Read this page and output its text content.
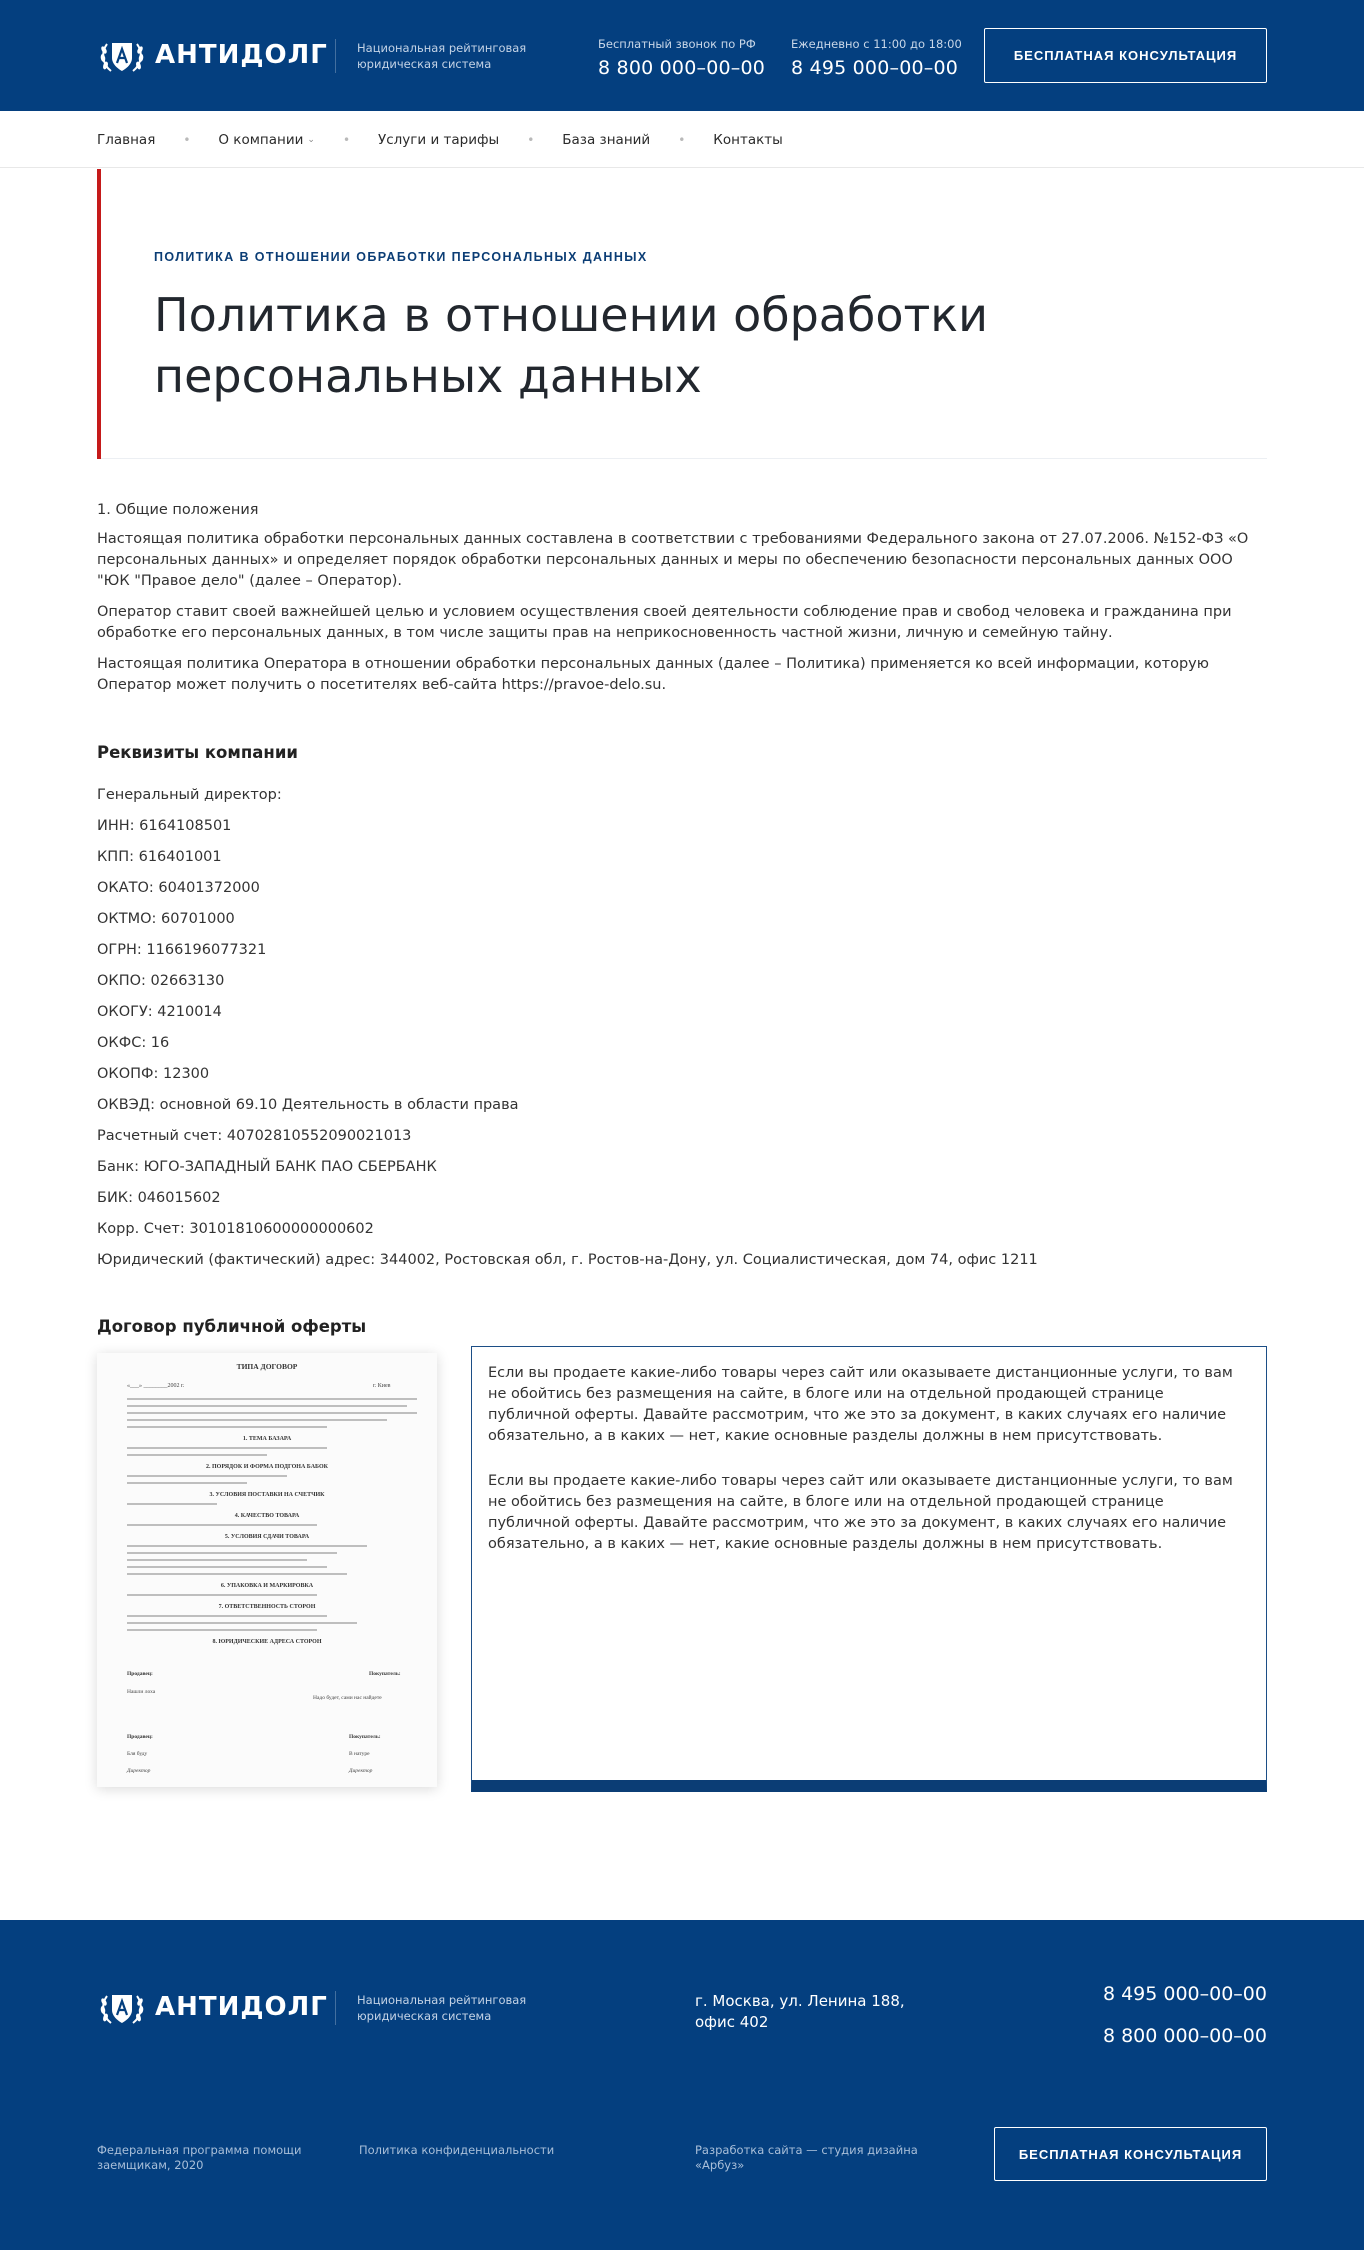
АНТИДОЛГ	Национальная рейтинговая юридическая система
Бесплатный звонок по РФ
8 800 000–00–00
Ежедневно с 11:00 до 18:00
8 495 000–00–00
БЕСПЛАТНАЯ КОНСУЛЬТАЦИЯ
Главная • О компании ⌄ • Услуги и тарифы • База знаний • Контакты
ПОЛИТИКА В ОТНОШЕНИИ ОБРАБОТКИ ПЕРСОНАЛЬНЫХ ДАННЫХ
Политика в отношении обработки
персональных данных

1. Общие положения

Настоящая политика обработки персональных данных составлена в соответствии с требованиями Федерального закона от 27.07.2006. №152-ФЗ «О персональных данных» и определяет порядок обработки персональных данных и меры по обеспечению безопасности персональных данных ООО "ЮК "Правое дело" (далее – Оператор).

Оператор ставит своей важнейшей целью и условием осуществления своей деятельности соблюдение прав и свобод человека и гражданина при обработке его персональных данных, в том числе защиты прав на неприкосновенность частной жизни, личную и семейную тайну.

Настоящая политика Оператора в отношении обработки персональных данных (далее – Политика) применяется ко всей информации, которую Оператор может получить о посетителях веб-сайта https://pravoe-delo.su.

Реквизиты компании
Генеральный директор:
ИНН: 6164108501
КПП: 616401001
ОКАТО: 60401372000
ОКТМО: 60701000
ОГРН: 1166196077321
ОКПО: 02663130
ОКОГУ: 4210014
ОКФС: 16
ОКОПФ: 12300
ОКВЭД: основной 69.10 Деятельность в области права
Расчетный счет: 40702810552090021013
Банк: ЮГО-ЗАПАДНЫЙ БАНК ПАО СБЕРБАНК
БИК: 046015602
Корр. Счет: 30101810600000000602
Юридический (фактический) адрес: 344002, Ростовская обл, г. Ростов-на-Дону, ул. Социалистическая, дом 74, офис 1211
Договор публичной оферты
ТИПА ДОГОВОР
«___» ________2002 г.	г. Киев
1. ТЕМА БАЗАРА
2. ПОРЯДОК И ФОРМА ПОДГОНА БАБОК
3. УСЛОВИЯ ПОСТАВКИ НА СЧЕТЧИК
4. КАЧЕСТВО ТОВАРА
5. УСЛОВИЯ СДАЧИ ТОВАРА
6. УПАКОВКА И МАРКИРОВКА
7. ОТВЕТСТВЕННОСТЬ СТОРОН
8. ЮРИДИЧЕСКИЕ АДРЕСА СТОРОН
Продавец:	Покупатель:
Нашли лоха
Надо будет, сами нас найдете
Продавец:	Покупатель:
Бля буду	В натуре
Директор	Директор

Если вы продаете какие-либо товары через сайт или оказываете дистанционные услуги, то вам не обойтись без размещения на сайте, в блоге или на отдельной продающей странице публичной оферты. Давайте рассмотрим, что же это за документ, в каких случаях его наличие обязательно, а в каких — нет, какие основные разделы должны в нем присутствовать.

Если вы продаете какие-либо товары через сайт или оказываете дистанционные услуги, то вам не обойтись без размещения на сайте, в блоге или на отдельной продающей странице публичной оферты. Давайте рассмотрим, что же это за документ, в каких случаях его наличие обязательно, а в каких — нет, какие основные разделы должны в нем присутствовать.

АНТИДОЛГ	Национальная рейтинговая юридическая система
г. Москва, ул. Ленина 188, офис 402
8 495 000–00–00
8 800 000–00–00
Федеральная программа помощи заемщикам, 2020
Политика конфиденциальности	Разработка сайта — студия дизайна «Арбуз»
БЕСПЛАТНАЯ КОНСУЛЬТАЦИЯ
